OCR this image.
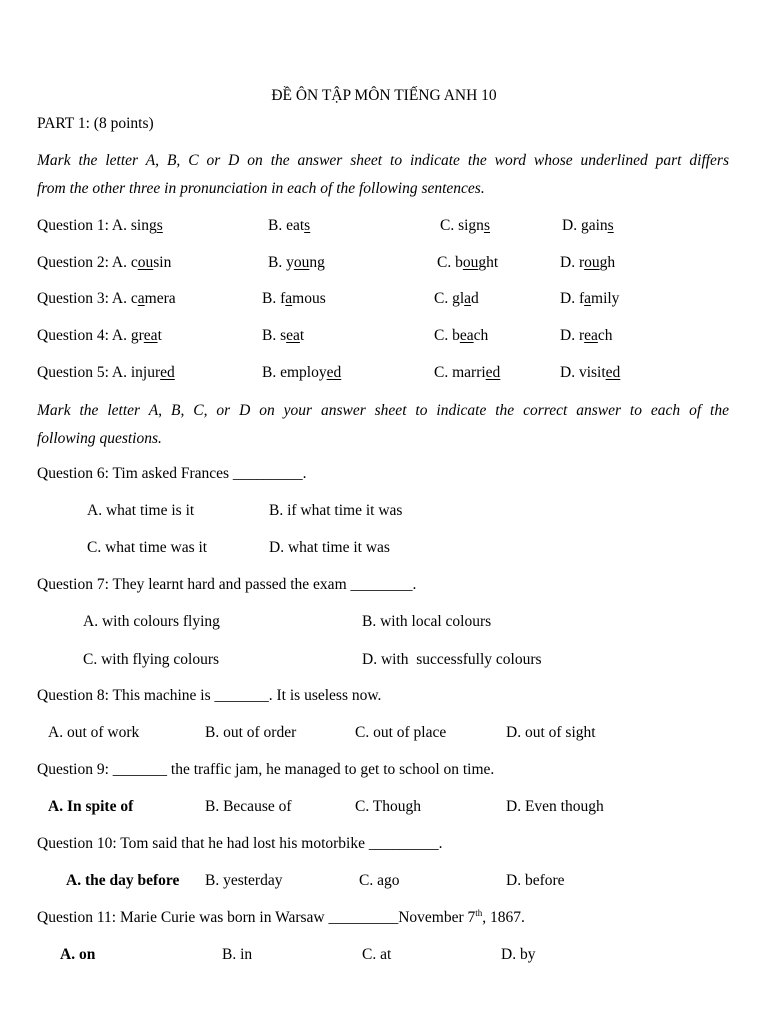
ĐỀ ÔN TẬP MÔN TIẾNG ANH 10
PART 1: (8 points)
Mark the letter A, B, C or D on the answer sheet to indicate the word whose underlined part differs
from the other three in pronunciation in each of the following sentences.
Question 1: A. sings	B. eats	C. signs	D. gains
Question 2: A. cousin	B. young	C. bought	D. rough
Question 3: A. camera	B. famous	C. glad	D. family
Question 4: A. great	B. seat	C. beach	D. reach
Question 5: A. injured	B. employed	C. married	D. visited
Mark the letter A, B, C, or D on your answer sheet to indicate the correct answer to each of the
following questions.
Question 6: Tim asked Frances _________.
A. what time is it	B. if what time it was
C. what time was it	D. what time it was
Question 7: They learnt hard and passed the exam ________.
A. with colours flying	B. with local colours
C. with flying colours	D. with  successfully colours
Question 8: This machine is _______. It is useless now.
A. out of work	B. out of order	C. out of place	D. out of sight
Question 9: _______ the traffic jam, he managed to get to school on time.
A. In spite of	B. Because of	C. Though	D. Even though
Question 10: Tom said that he had lost his motorbike _________.
A. the day before B. yesterday	C. ago	D. before
Question 11: Marie Curie was born in Warsaw _________November 7th, 1867.
A. on	B. in	C. at	D. by
